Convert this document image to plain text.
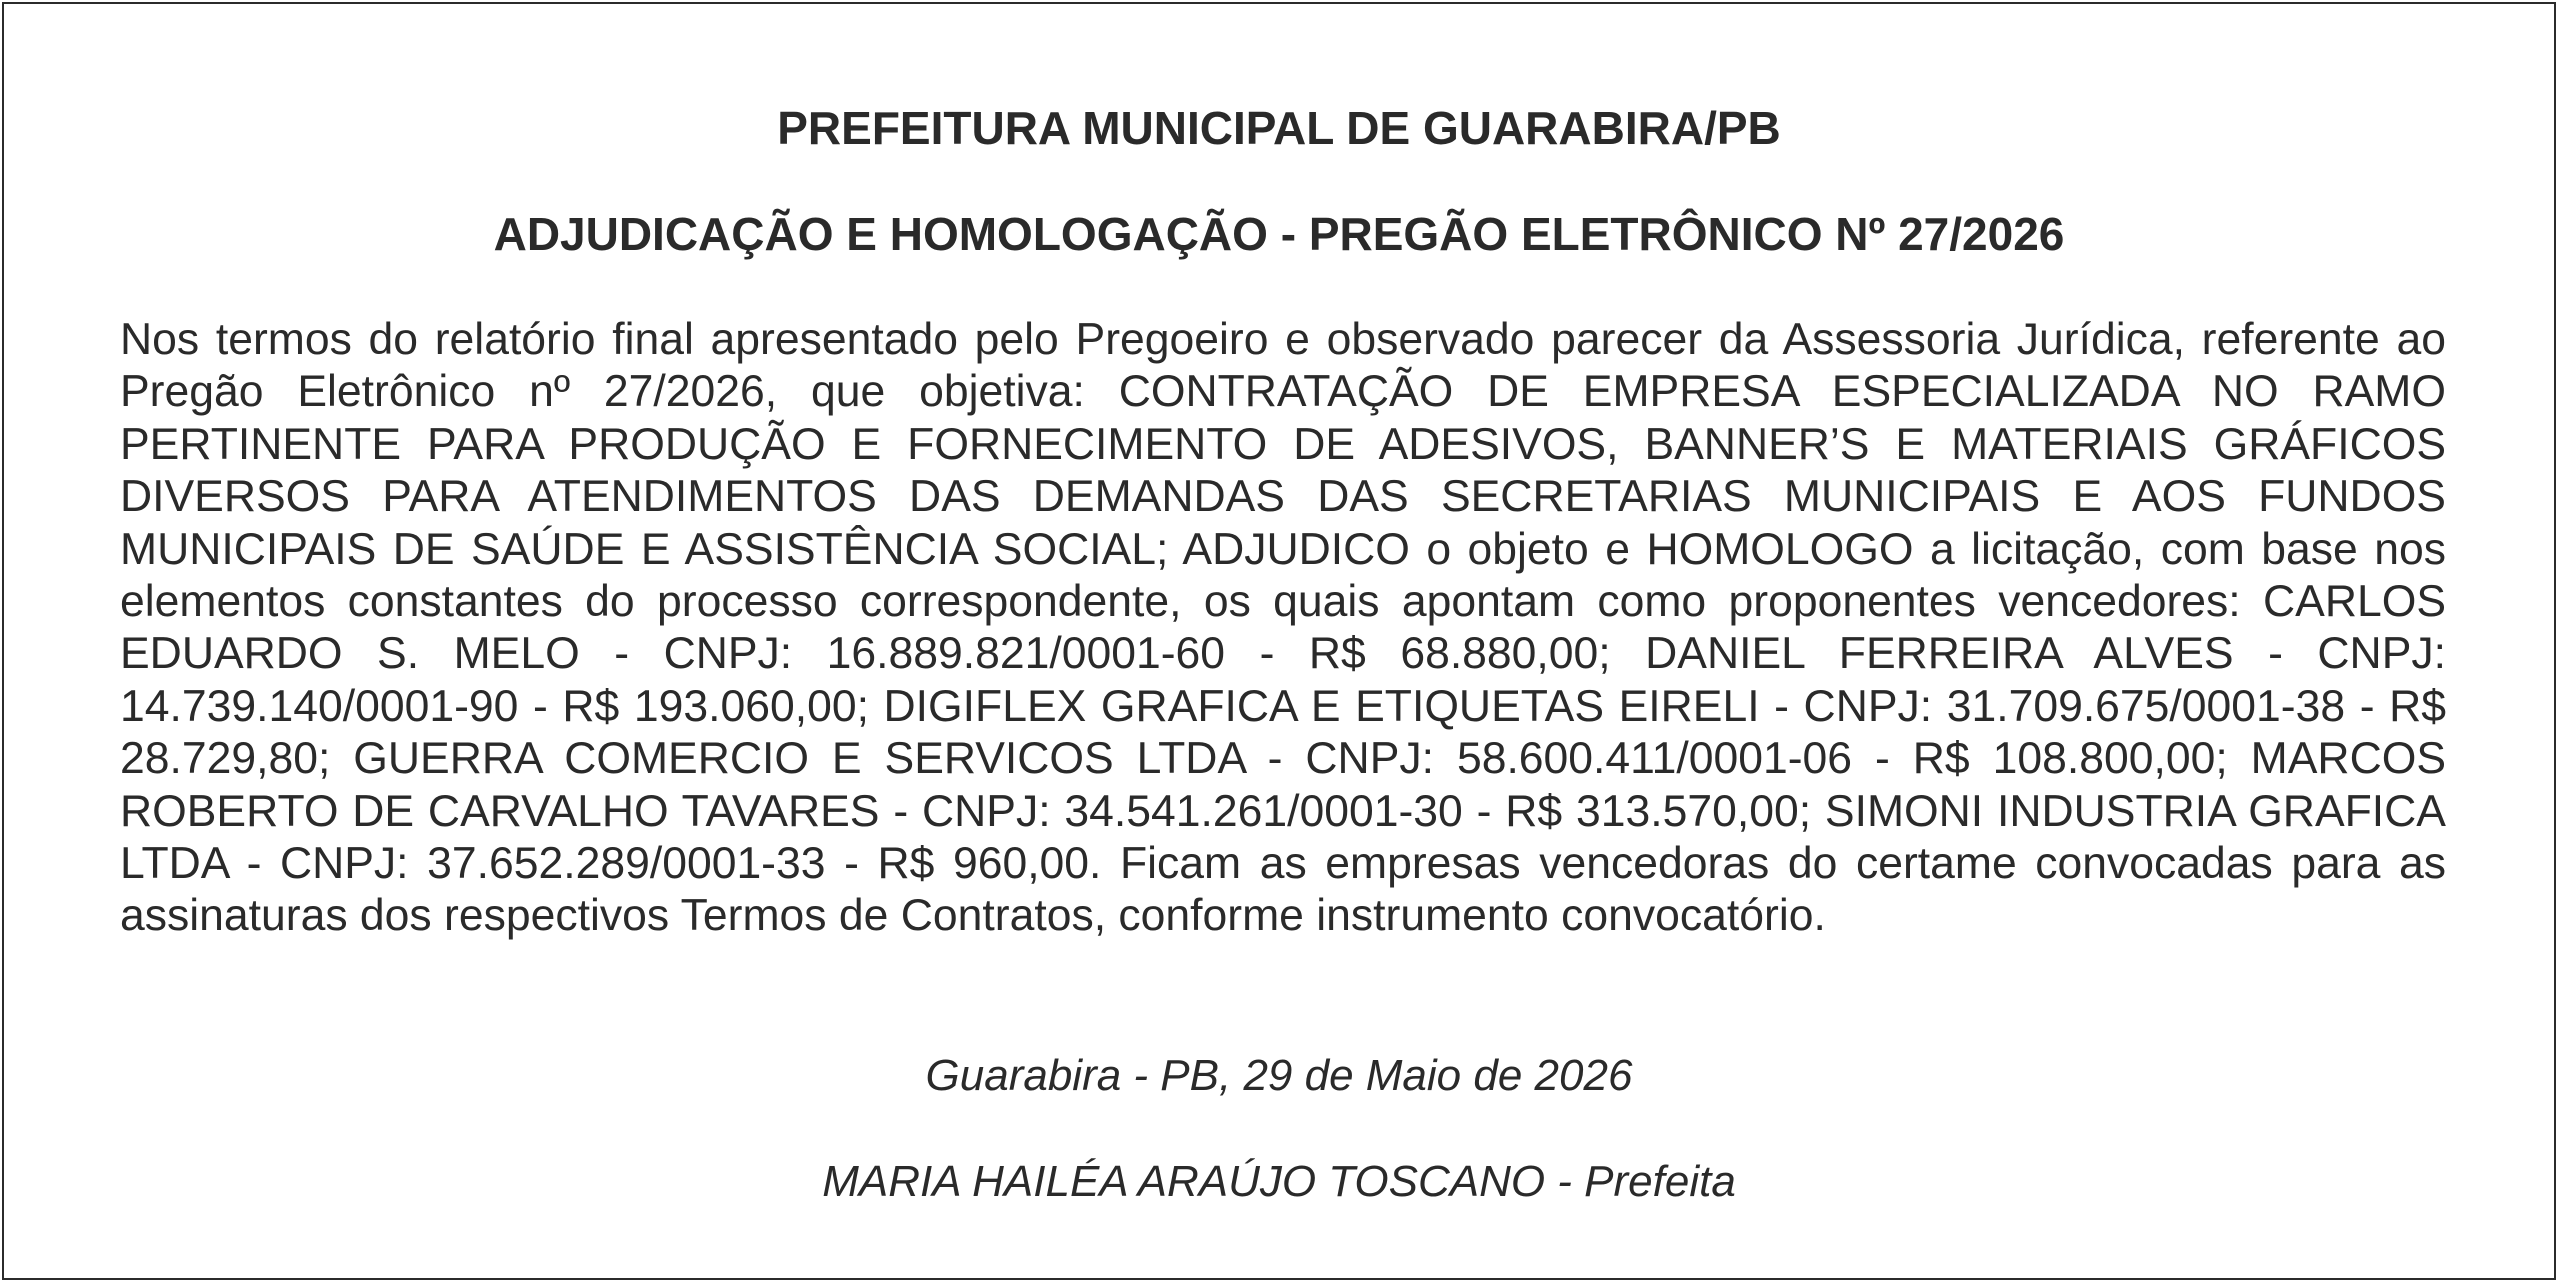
PREFEITURA MUNICIPAL DE GUARABIRA/PB
ADJUDICAÇÃO E HOMOLOGAÇÃO - PREGÃO ELETRÔNICO Nº 27/2026

Nos termos do relatório final apresentado pelo Pregoeiro e observado parecer da Assessoria Jurídica, referente ao Pregão Eletrônico nº 27/2026, que objetiva: CONTRATAÇÃO DE EMPRESA ESPECIALIZADA NO RAMO PERTINENTE PARA PRODUÇÃO E FORNECIMENTO DE ADESIVOS, BANNER’S E MATERIAIS GRÁFICOS DIVERSOS PARA ATENDIMENTOS DAS DEMANDAS DAS SECRETARIAS MUNICIPAIS E AOS FUNDOS MUNICIPAIS DE SAÚDE E ASSISTÊNCIA SOCIAL; ADJUDICO o objeto e HOMOLOGO a licitação, com base nos elementos constantes do processo correspondente, os quais apontam como proponentes vencedores: CARLOS EDUARDO S. MELO - CNPJ: 16.889.821/0001-60 - R$ 68.880,00; DANIEL FERREIRA ALVES - CNPJ: 14.739.140/0001-90 - R$ 193.060,00; DIGIFLEX GRAFICA E ETIQUETAS EIRELI - CNPJ: 31.709.675/0001-38 - R$ 28.729,80; GUERRA COMERCIO E SERVICOS LTDA - CNPJ: 58.600.411/0001-06 - R$ 108.800,00; MARCOS ROBERTO DE CARVALHO TAVARES - CNPJ: 34.541.261/0001-30 - R$ 313.570,00; SIMONI INDUSTRIA GRAFICA LTDA - CNPJ: 37.652.289/0001-33 - R$ 960,00. Ficam as empresas vencedoras do certame convocadas para as assinaturas dos respectivos Termos de Contratos, conforme instrumento convocatório.

Guarabira - PB, 29 de Maio de 2026

MARIA HAILÉA ARAÚJO TOSCANO - Prefeita
